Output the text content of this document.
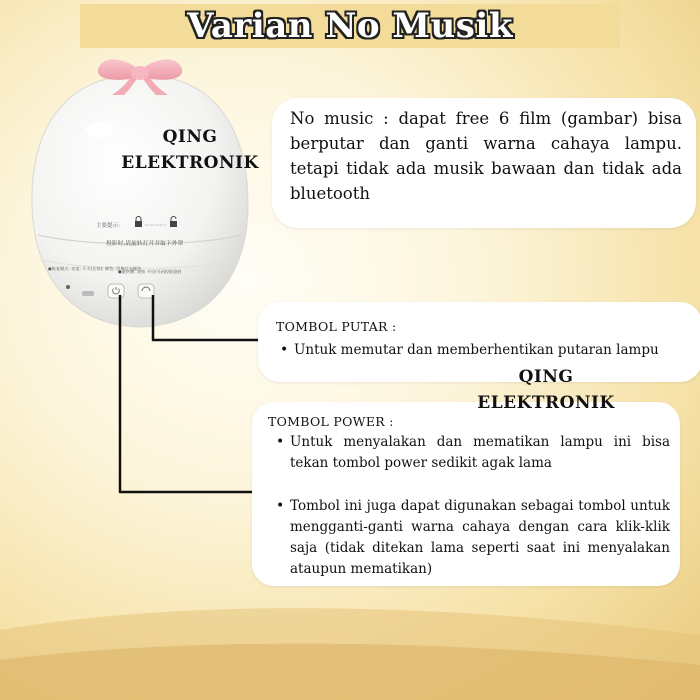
Varian No Musik
主要提示:
投影时,请旋转打开并取下外罩
●恢复模式: 亮度: 开关(长按); 颜色: 切换灯光颜色
●旋转键: 短按 开启/关闭投影旋转
QING
ELEKTRONIK

No music : dapat free 6 film (gambar) bisa berputar dan ganti warna cahaya lampu. tetapi tidak ada musik bawaan dan tidak ada bluetooth

TOMBOL PUTAR :
• Untuk memutar dan memberhentikan putaran lampu
TOMBOL POWER :
• Untuk menyalakan dan mematikan lampu ini bisa tekan tombol power sedikit agak lama
• Tombol ini juga dapat digunakan sebagai tombol untuk mengganti-ganti warna cahaya dengan cara klik-klik saja (tidak ditekan lama seperti saat ini menyalakan ataupun mematikan)
QING
ELEKTRONIK
